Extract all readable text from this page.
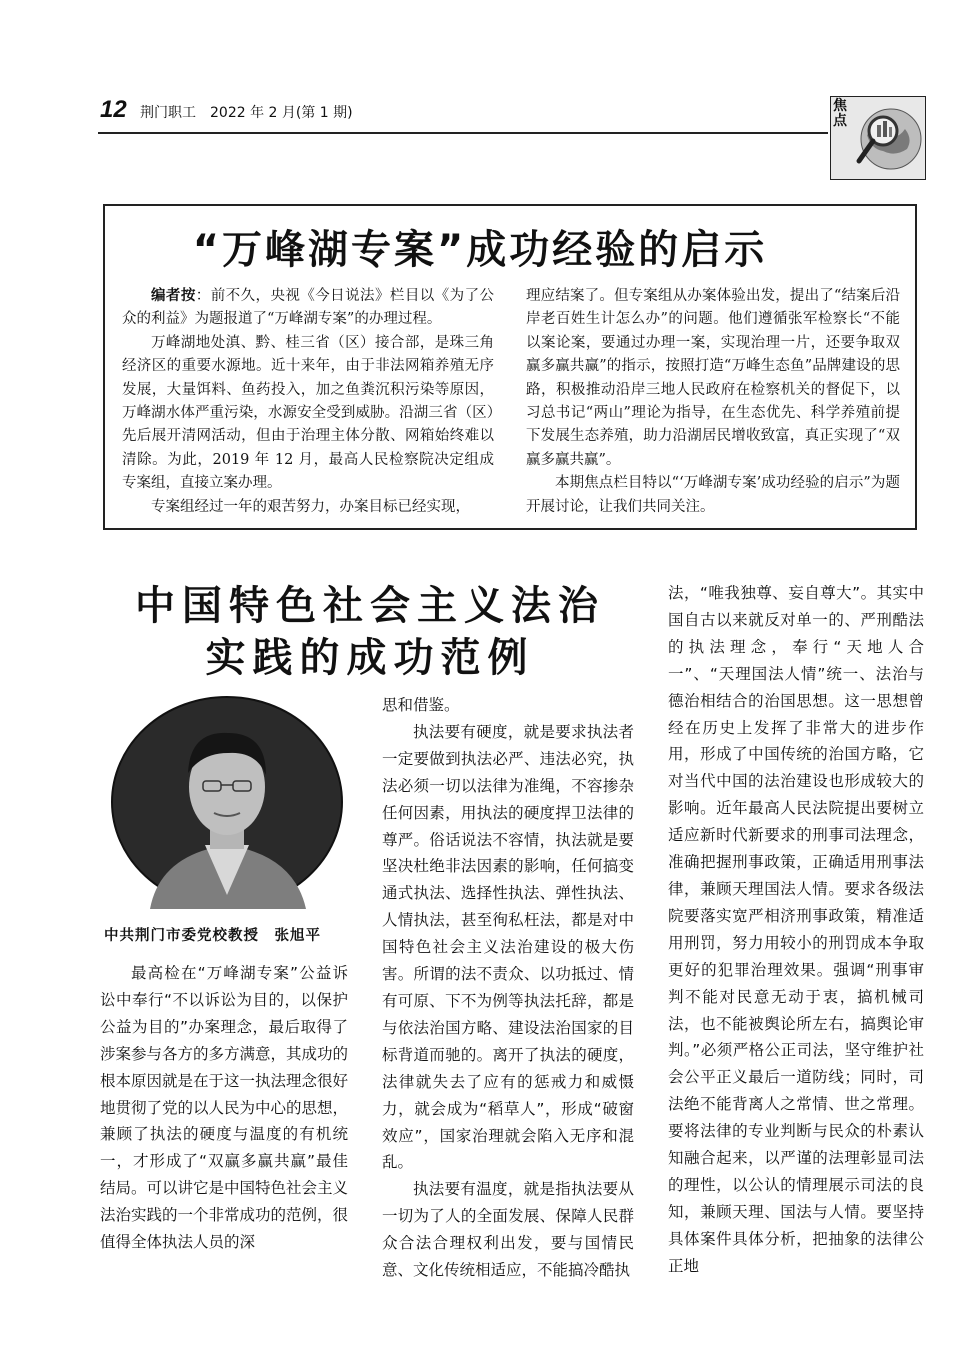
12 荆门职工 2022 年 2 月(第 1 期)	焦点
“万峰湖专案”成功经验的启示

编者按：前不久，央视《今日说法》栏目以《为了公众的利益》为题报道了“万峰湖专案”的办理过程。

万峰湖地处滇、黔、桂三省（区）接合部，是珠三角经济区的重要水源地。近十来年，由于非法网箱养殖无序发展，大量饵料、鱼药投入，加之鱼粪沉积污染等原因，万峰湖水体严重污染，水源安全受到威胁。沿湖三省（区）先后展开清网活动，但由于治理主体分散、网箱始终难以清除。为此，2019 年 12 月，最高人民检察院决定组成专案组，直接立案办理。

专案组经过一年的艰苦努力，办案目标已经实现，

理应结案了。但专案组从办案体验出发，提出了“结案后沿岸老百姓生计怎么办”的问题。他们遵循张军检察长“不能以案论案，要通过办理一案，实现治理一片，还要争取双赢多赢共赢”的指示，按照打造“万峰生态鱼”品牌建设的思路，积极推动沿岸三地人民政府在检察机关的督促下，以习总书记“两山”理论为指导，在生态优先、科学养殖前提下发展生态养殖，助力沿湖居民增收致富，真正实现了“双赢多赢共赢”。

本期焦点栏目特以“‘万峰湖专案’成功经验的启示”为题开展讨论，让我们共同关注。

中国特色社会主义法治
实践的成功范例
中共荆门市委党校教授　张旭平

最高检在“万峰湖专案”公益诉讼中奉行“不以诉讼为目的，以保护公益为目的”办案理念，最后取得了涉案参与各方的多方满意，其成功的根本原因就是在于这一执法理念很好地贯彻了党的以人民为中心的思想，兼顾了执法的硬度与温度的有机统一，才形成了“双赢多赢共赢”最佳结局。可以讲它是中国特色社会主义法治实践的一个非常成功的范例，很值得全体执法人员的深

思和借鉴。

执法要有硬度，就是要求执法者一定要做到执法必严、违法必究，执法必须一切以法律为准绳，不容掺杂任何因素，用执法的硬度捍卫法律的尊严。俗话说法不容情，执法就是要坚决杜绝非法因素的影响，任何搞变通式执法、选择性执法、弹性执法、人情执法，甚至徇私枉法，都是对中国特色社会主义法治建设的极大伤害。所谓的法不责众、以功抵过、情有可原、下不为例等执法托辞，都是与依法治国方略、建设法治国家的目标背道而驰的。离开了执法的硬度，法律就失去了应有的惩戒力和威慑力，就会成为“稻草人”，形成“破窗效应”，国家治理就会陷入无序和混乱。

执法要有温度，就是指执法要从一切为了人的全面发展、保障人民群众合法合理权利出发，要与国情民意、文化传统相适应，不能搞冷酷执

法，“唯我独尊、妄自尊大”。其实中国自古以来就反对单一的、严刑酷法的执法理念，奉行“天地人合一”、“天理国法人情”统一、法治与德治相结合的治国思想。这一思想曾经在历史上发挥了非常大的进步作用，形成了中国传统的治国方略，它对当代中国的法治建设也形成较大的影响。近年最高人民法院提出要树立适应新时代新要求的刑事司法理念，准确把握刑事政策，正确适用刑事法律，兼顾天理国法人情。要求各级法院要落实宽严相济刑事政策，精准适用刑罚，努力用较小的刑罚成本争取更好的犯罪治理效果。强调“刑事审判不能对民意无动于衷，搞机械司法，也不能被舆论所左右，搞舆论审判。”必须严格公正司法，坚守维护社会公平正义最后一道防线；同时，司法绝不能背离人之常情、世之常理。要将法律的专业判断与民众的朴素认知融合起来，以严谨的法理彰显司法的理性，以公认的情理展示司法的良知，兼顾天理、国法与人情。要坚持具体案件具体分析，把抽象的法律公正地
